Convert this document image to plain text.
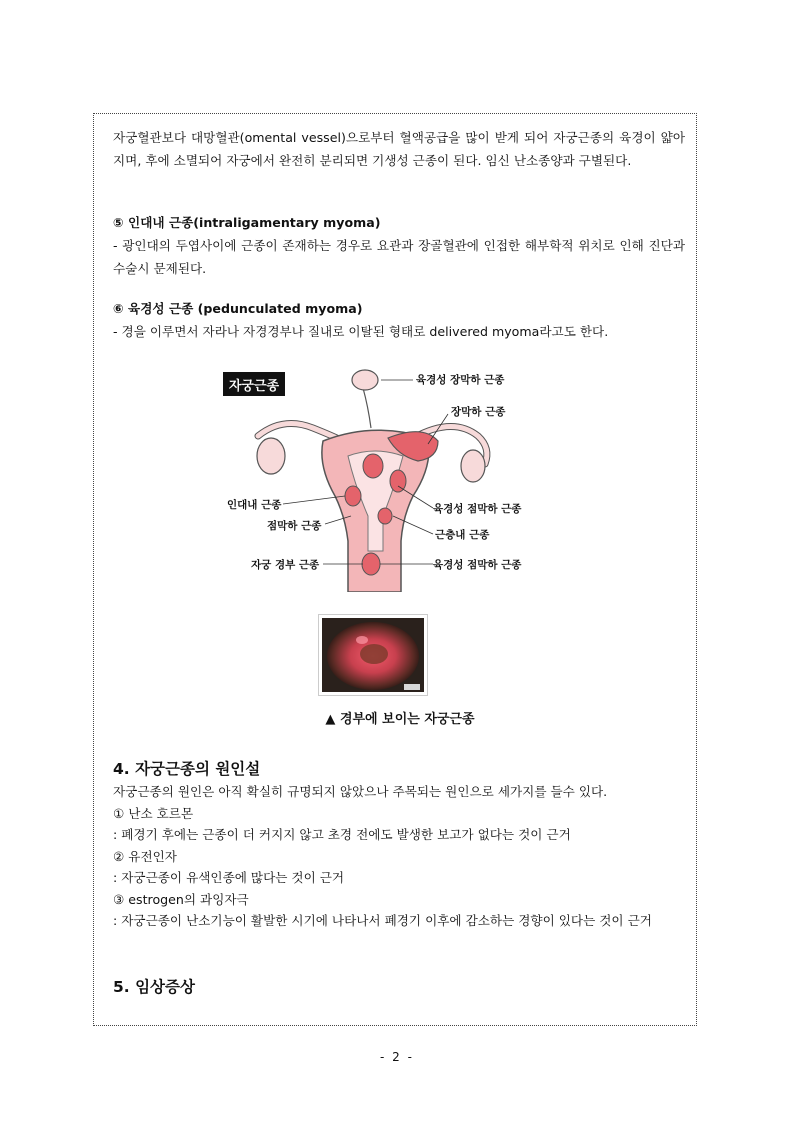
자궁혈관보다 대망혈관(omental vessel)으로부터 혈액공급을 많이 받게 되어 자궁근종의 육경이 얇아지며, 후에 소멸되어 자궁에서 완전히 분리되면 기생성 근종이 된다. 임신 난소종양과 구별된다.

⑤ 인대내 근종(intraligamentary myoma)

- 광인대의 두엽사이에 근종이 존재하는 경우로 요관과 장골혈관에 인접한 해부학적 위치로 인해 진단과 수술시 문제된다.

⑥ 육경성 근종 (pedunculated myoma)

- 경을 이루면서 자라나 자경경부나 질내로 이탈된 형태로 delivered myoma라고도 한다.

자궁근종	육경성 장막하 근종
장막하 근종
인대내 근종	육경성 점막하 근종
점막하 근종
근층내 근종
자궁 경부 근종	육경성 점막하 근종
▲ 경부에 보이는 자궁근종

4. 자궁근종의 원인설

자궁근종의 원인은 아직 확실히 규명되지 않았으나 주목되는 원인으로 세가지를 들수 있다.

① 난소 호르몬

: 폐경기 후에는 근종이 더 커지지 않고 초경 전에도 발생한 보고가 없다는 것이 근거

② 유전인자

: 자궁근종이 유색인종에 많다는 것이 근거

③ estrogen의 과잉자극

: 자궁근종이 난소기능이 활발한 시기에 나타나서 폐경기 이후에 감소하는 경향이 있다는 것이 근거

5. 임상증상

- 2 -
